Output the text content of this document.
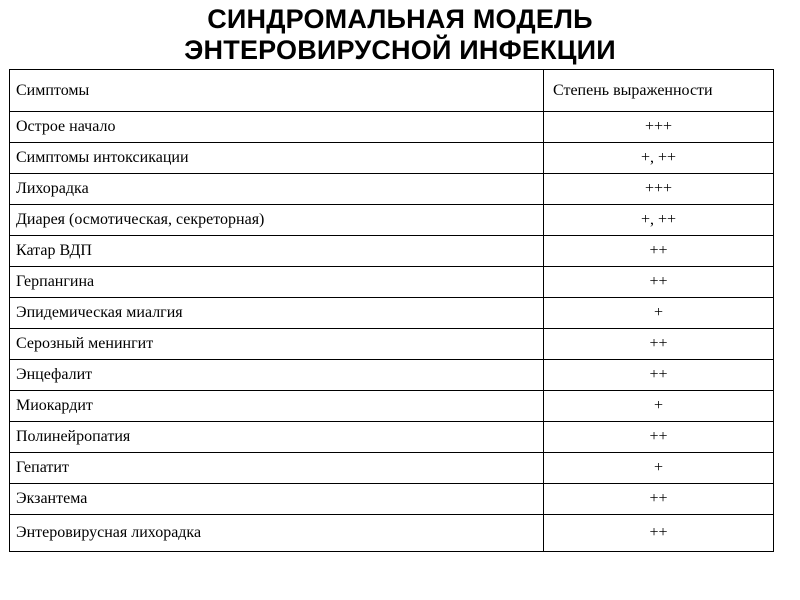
СИНДРОМАЛЬНАЯ МОДЕЛЬ
ЭНТЕРОВИРУСНОЙ ИНФЕКЦИИ
Симптомы	Степень выраженности
Острое начало	+++
Симптомы интоксикации	+, ++
Лихорадка	+++
Диарея (осмотическая, секреторная)	+, ++
Катар ВДП	++
Герпангина	++
Эпидемическая миалгия	+
Серозный менингит	++
Энцефалит	++
Миокардит	+
Полинейропатия	++
Гепатит	+
Экзантема	++
Энтеровирусная лихорадка	++
